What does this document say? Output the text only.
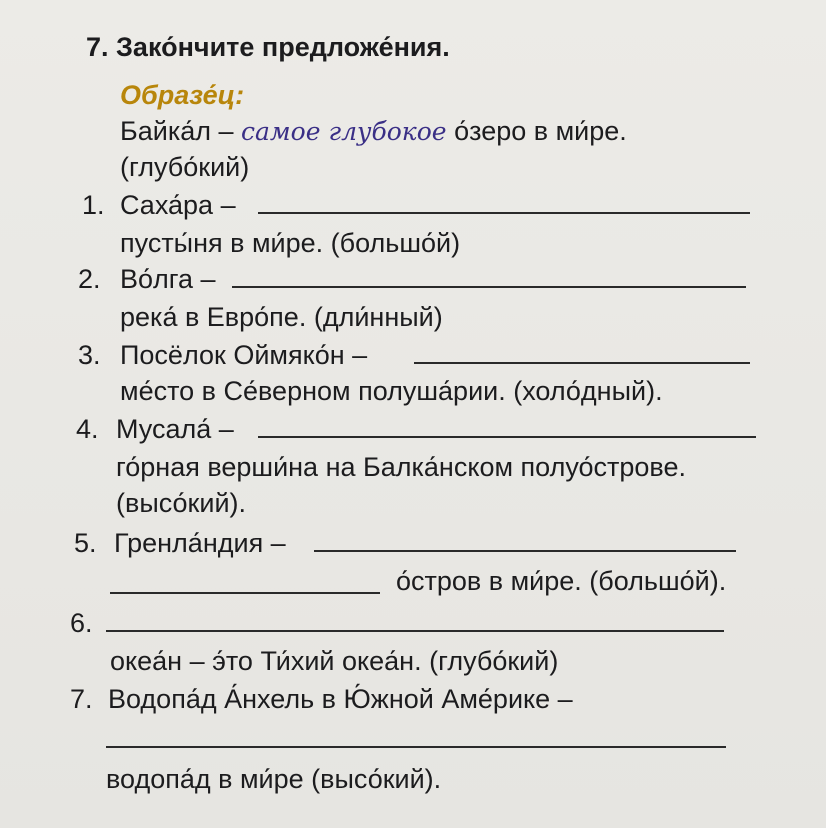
7. Зако́нчите предложе́ния.
Образе́ц:
Байка́л – самое глубокое о́зеро в ми́ре.
(глубо́кий)
1. Саха́ра –
пусты́ня в ми́ре. (большо́й)
2. Во́лга –
река́ в Евро́пе. (дли́нный)
3. Посёлок Оймяко́н –
ме́сто в Се́верном полуша́рии. (холо́дный).
4. Мусала́ –
го́рная верши́на на Балка́нском полуо́строве.
(высо́кий).
5. Гренла́ндия –
о́стров в ми́ре. (большо́й).
6.
океа́н – э́то Ти́хий океа́н. (глубо́кий)
7. Водопа́д А́нхель в Ю́жной Аме́рике –
водопа́д в ми́ре (высо́кий).
